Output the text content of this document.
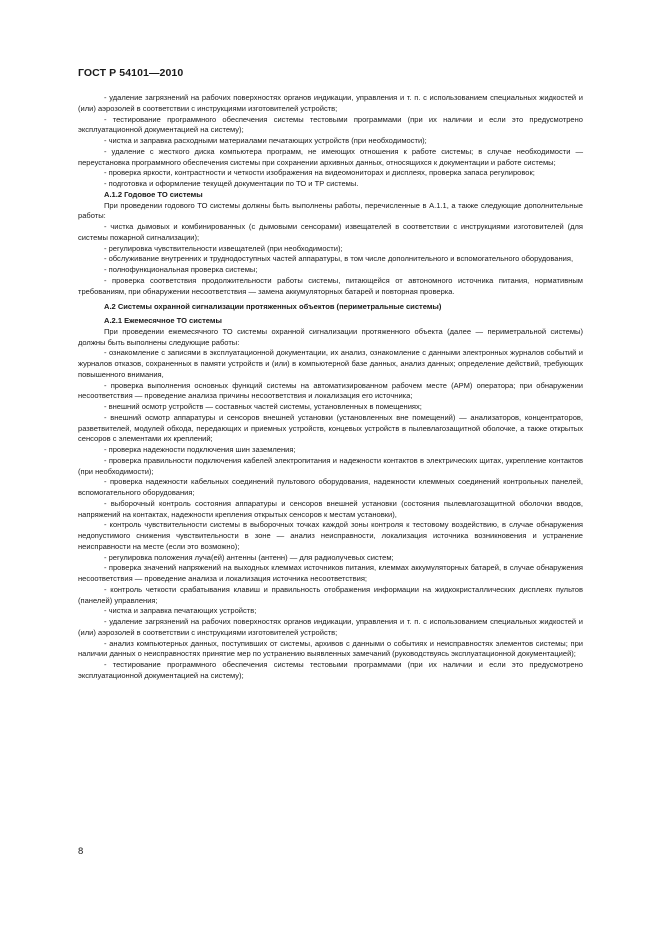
ГОСТ Р 54101—2010

- удаление загрязнений на рабочих поверхностях органов индикации, управления и т. п. с использованием специальных жидкостей и (или) аэрозолей в соответствии с инструкциями изготовителей устройств;

- тестирование программного обеспечения системы тестовыми программами (при их наличии и если это предусмотрено эксплуатационной документацией на систему);

- чистка и заправка расходными материалами печатающих устройств (при необходимости);

- удаление с жесткого диска компьютера программ, не имеющих отношения к работе системы; в случае необходимости — переустановка программного обеспечения системы при сохранении архивных данных, относящихся к документации и работе системы;

- проверка яркости, контрастности и четкости изображения на видеомониторах и дисплеях, проверка запаса регулировок;

- подготовка и оформление текущей документации по ТО и ТР системы.

А.1.2 Годовое ТО системы

При проведении годового ТО системы должны быть выполнены работы, перечисленные в А.1.1, а также следующие дополнительные работы:

- чистка дымовых и комбинированных (с дымовыми сенсорами) извещателей в соответствии с инструкциями изготовителей (для системы пожарной сигнализации);

- регулировка чувствительности извещателей (при необходимости);

- обслуживание внутренних и труднодоступных частей аппаратуры, в том числе дополнительного и вспомогательного оборудования,

- полнофункциональная проверка системы;

- проверка соответствия продолжительности работы системы, питающейся от автономного источника питания, нормативным требованиям, при обнаружении несоответствия — замена аккумуляторных батарей и повторная проверка.

А.2 Системы охранной сигнализации протяженных объектов (периметральные системы)

А.2.1 Ежемесячное ТО системы

При проведении ежемесячного ТО системы охранной сигнализации протяженного объекта (далее — периметральной системы) должны быть выполнены следующие работы:

- ознакомление с записями в эксплуатационной документации, их анализ, ознакомление с данными электронных журналов событий и журналов отказов, сохраненных в памяти устройств и (или) в компьютерной базе данных, анализ данных; определение действий, требующих повышенного внимания,

- проверка выполнения основных функций системы на автоматизированном рабочем месте (АРМ) оператора; при обнаружении несоответствия — проведение анализа причины несоответствия и локализация его источника;

- внешний осмотр устройств — составных частей системы, установленных в помещениях;

- внешний осмотр аппаратуры и сенсоров внешней установки (установленных вне помещений) — анализаторов, концентраторов, разветвителей, модулей обхода, передающих и приемных устройств, концевых устройств в пылевлагозащитной оболочке, а также открытых сенсоров с элементами их креплений;

- проверка надежности подключения шин заземления;

- проверка правильности подключения кабелей электропитания и надежности контактов в электрических щитах, укрепление контактов (при необходимости);

- проверка надежности кабельных соединений пультового оборудования, надежности клеммных соединений контрольных панелей, вспомогательного оборудования;

- выборочный контроль состояния аппаратуры и сенсоров внешней установки (состояния пылевлагозащитной оболочки вводов, напряжений на контактах, надежности крепления открытых сенсоров к местам установки),

- контроль чувствительности системы в выборочных точках каждой зоны контроля к тестовому воздействию, в случае обнаружения недопустимого снижения чувствительности в зоне — анализ неисправности, локализация источника возникновения и устранение неисправности на месте (если это возможно);

- регулировка положения луча(ей) антенны (антенн) — для радиолучевых систем;

- проверка значений напряжений на выходных клеммах источников питания, клеммах аккумуляторных батарей, в случае обнаружения несоответствия — проведение анализа и локализация источника несоответствия;

- контроль четкости срабатывания клавиш и правильность отображения информации на жидкокристаллических дисплеях пультов (панелей) управления;

- чистка и заправка печатающих устройств;

- удаление загрязнений на рабочих поверхностях органов индикации, управления и т. п. с использованием специальных жидкостей и (или) аэрозолей в соответствии с инструкциями изготовителей устройств;

- анализ компьютерных данных, поступивших от системы, архивов с данными о событиях и неисправностях элементов системы; при наличии данных о неисправностях принятие мер по устранению выявленных замечаний (руководствуясь эксплуатационной документацией);

- тестирование программного обеспечения системы тестовыми программами (при их наличии и если это предусмотрено эксплуатационной документацией на систему);

8
